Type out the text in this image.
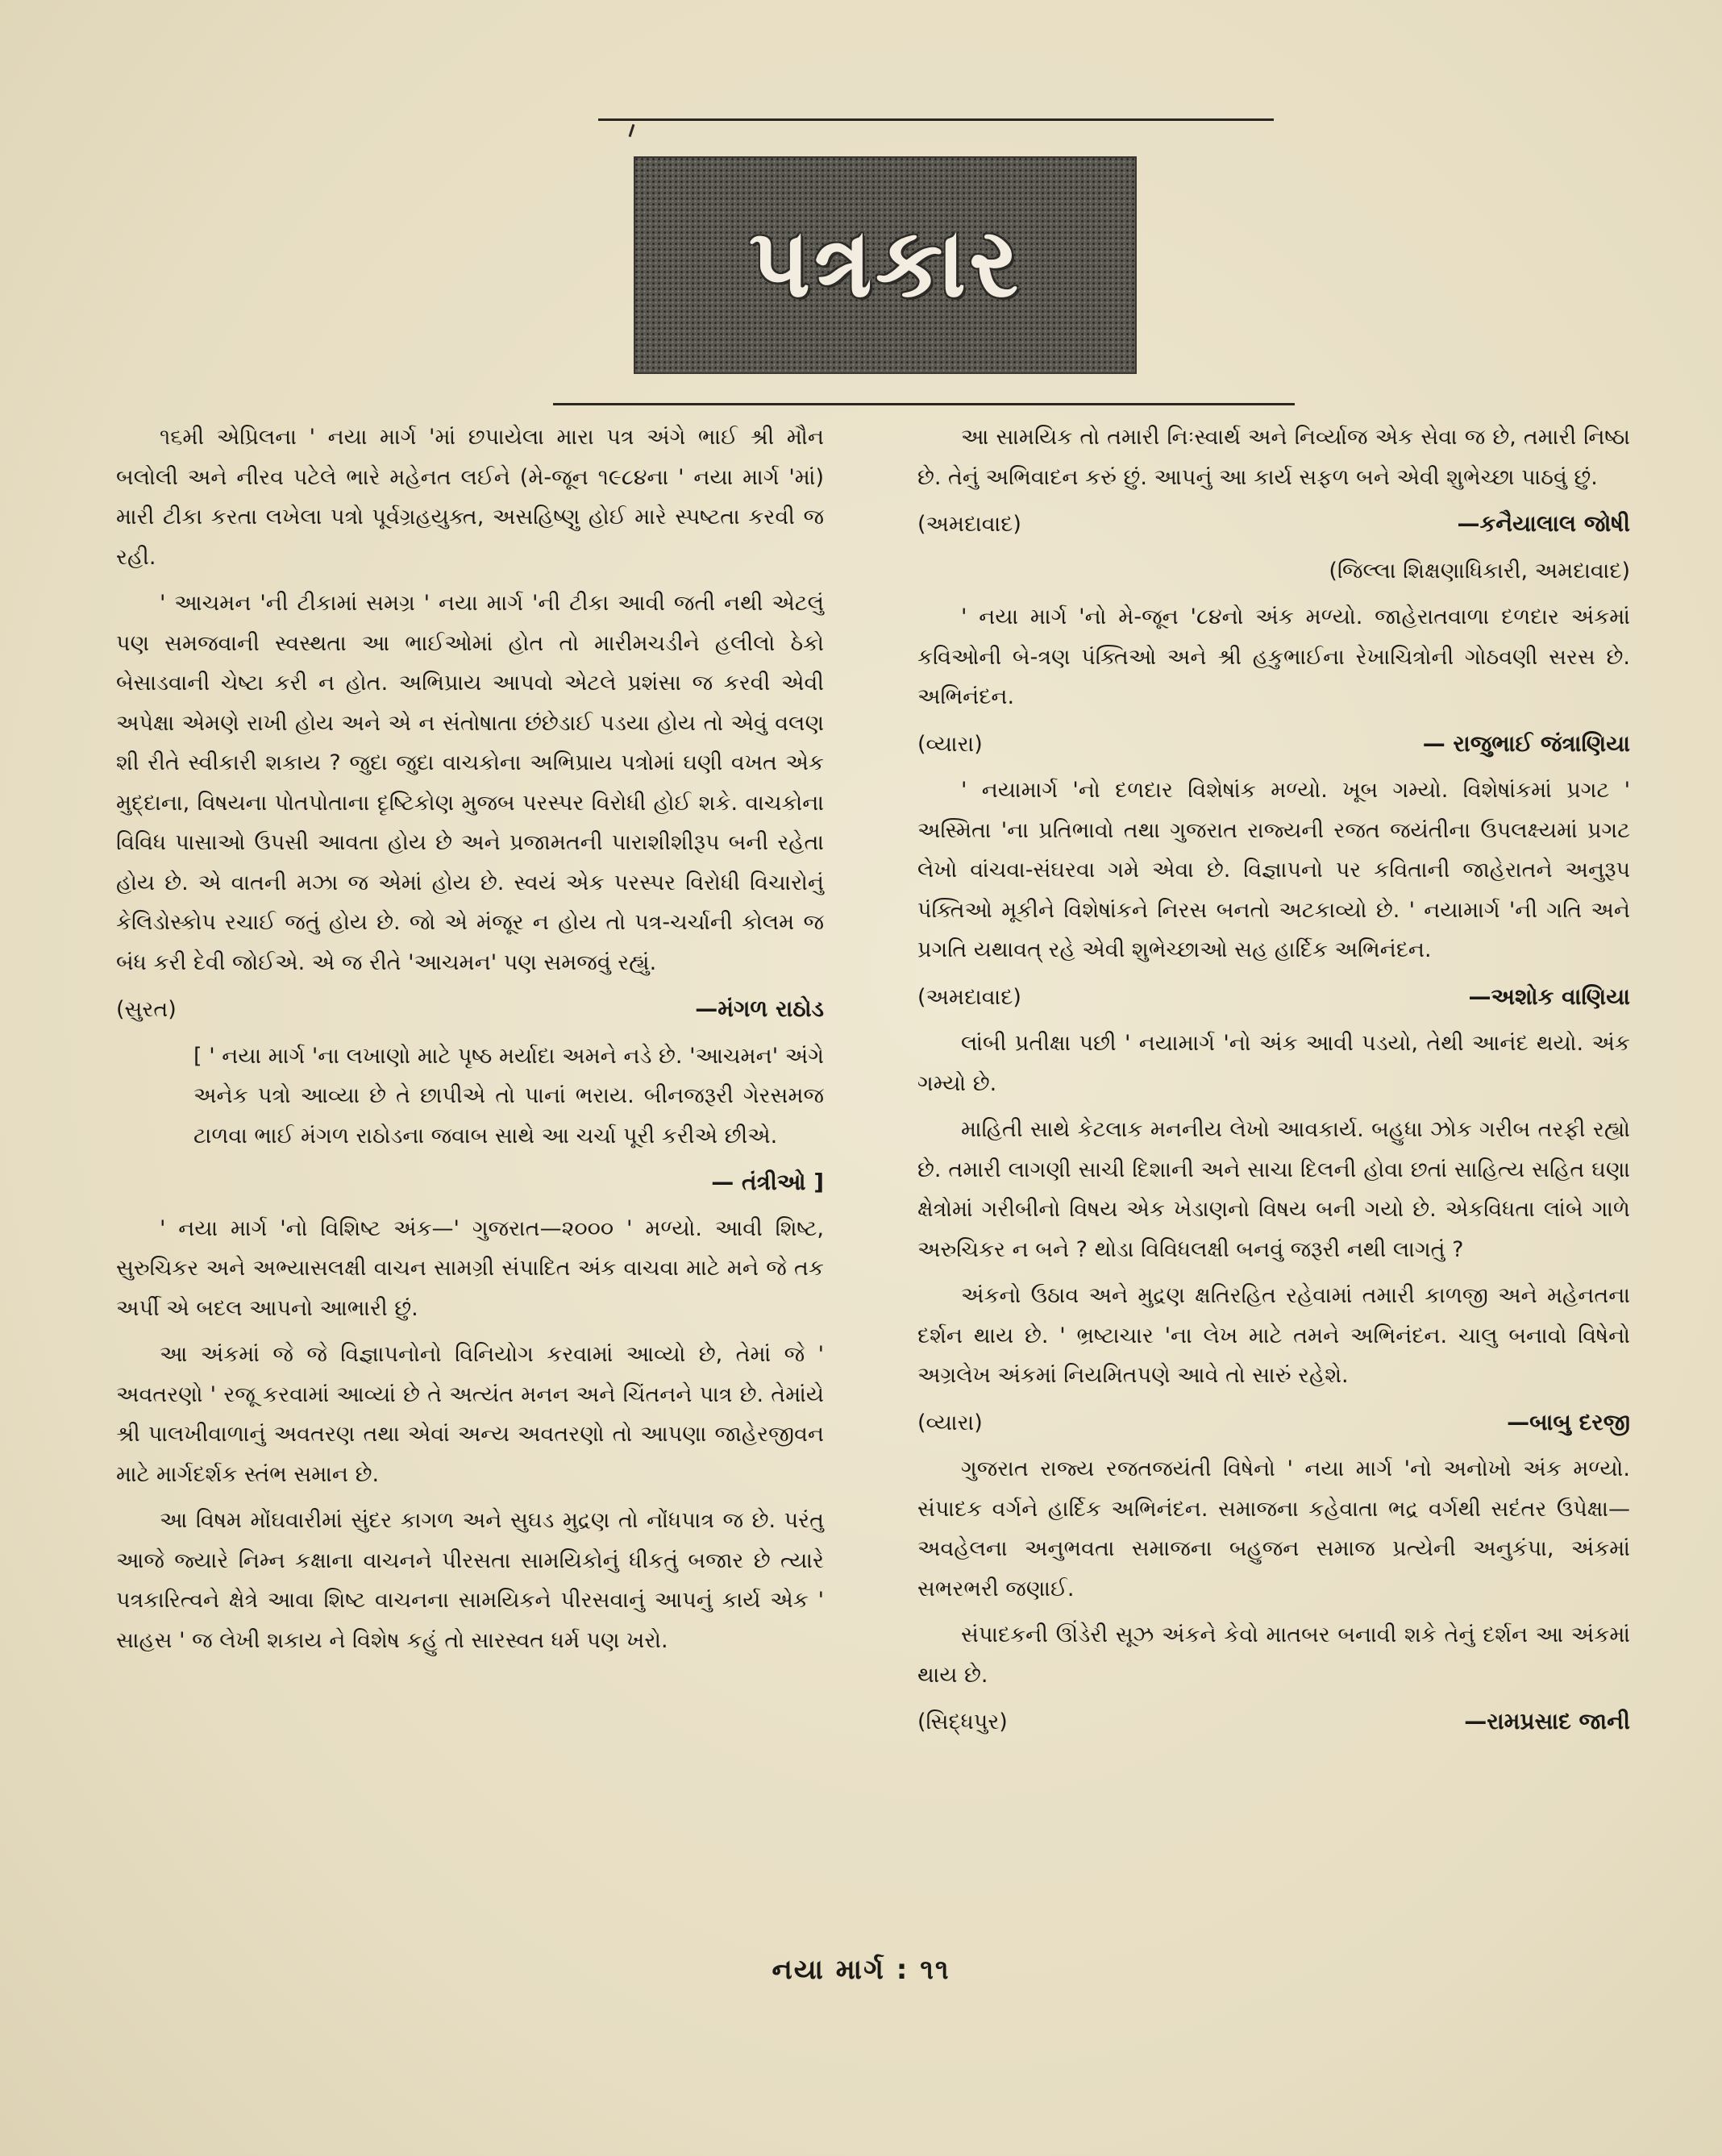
પત્રકાર

૧૬મી એપ્રિલના ' નયા માર્ગ 'માં છપાયેલા મારા પત્ર અંગે ભાઈ શ્રી મૌન બલોલી અને નીરવ પટેલે ભારે મહેનત લઈને (મે-જૂન ૧૯૮૪ના ' નયા માર્ગ 'માં) મારી ટીકા કરતા લખેલા પત્રો પૂર્વગ્રહયુક્ત, અસહિષ્ણુ હોઈ મારે સ્પષ્ટતા કરવી જ રહી.

' આચમન 'ની ટીકામાં સમગ્ર ' નયા માર્ગ 'ની ટીકા આવી જતી નથી એટલું પણ સમજવાની સ્વસ્થતા આ ભાઈઓમાં હોત તો મારીમચડીને હલીલો ઠેકો બેસાડવાની ચેષ્ટા કરી ન હોત. અભિપ્રાય આપવો એટલે પ્રશંસા જ કરવી એવી અપેક્ષા એમણે રાખી હોય અને એ ન સંતોષાતા છંછેડાઈ પડયા હોય તો એવું વલણ શી રીતે સ્વીકારી શકાય ? જુદા જુદા વાચકોના અભિપ્રાય પત્રોમાં ઘણી વખત એક મુદ્દાના, વિષયના પોતપોતાના દૃષ્ટિકોણ મુજબ પરસ્પર વિરોધી હોઈ શકે. વાચકોના વિવિધ પાસાઓ ઉપસી આવતા હોય છે અને પ્રજામતની પારાશીશીરૂપ બની રહેતા હોય છે. એ વાતની મઝા જ એમાં હોય છે. સ્વયં એક પરસ્પર વિરોધી વિચારોનું કેલિડોસ્કોપ રચાઈ જતું હોય છે. જો એ મંજૂર ન હોય તો પત્ર-ચર્ચાની કોલમ જ બંધ કરી દેવી જોઈએ. એ જ રીતે 'આચમન' પણ સમજવું રહ્યું.

(સુરત)	—મંગળ રાઠોડ

[ ' નયા માર્ગ 'ના લખાણો માટે પૃષ્ઠ મર્યાદા અમને નડે છે. 'આચમન' અંગે અનેક પત્રો આવ્યા છે તે છાપીએ તો પાનાં ભરાય. બીનજરૂરી ગેરસમજ ટાળવા ભાઈ મંગળ રાઠોડના જવાબ સાથે આ ચર્ચા પૂરી કરીએ છીએ.

— તંત્રીઓ ]

' નયા માર્ગ 'નો વિશિષ્ટ અંક—' ગુજરાત—૨૦૦૦ ' મળ્યો. આવી શિષ્ટ, સુરુચિકર અને અભ્યાસલક્ષી વાચન સામગ્રી સંપાદિત અંક વાચવા માટે મને જે તક અર્પી એ બદલ આપનો આભારી છું.

આ અંકમાં જે જે વિજ્ઞાપનોનો વિનિયોગ કરવામાં આવ્યો છે, તેમાં જે ' અવતરણો ' રજૂ કરવામાં આવ્યાં છે તે અત્યંત મનન અને ચિંતનને પાત્ર છે. તેમાંયે શ્રી પાલખીવાળાનું અવતરણ તથા એવાં અન્ય અવતરણો તો આપણા જાહેરજીવન માટે માર્ગદર્શક સ્તંભ સમાન છે.

આ વિષમ મોંઘવારીમાં સુંદર કાગળ અને સુઘડ મુદ્રણ તો નોંધપાત્ર જ છે. પરંતુ આજે જ્યારે નિમ્ન કક્ષાના વાચનને પીરસતા સામયિકોનું ધીકતું બજાર છે ત્યારે પત્રકારિત્વને ક્ષેત્રે આવા શિષ્ટ વાચનના સામયિકને પીરસવાનું આપનું કાર્ય એક ' સાહસ ' જ લેખી શકાય ને વિશેષ કહું તો સારસ્વત ધર્મ પણ ખરો.

આ સામયિક તો તમારી નિઃસ્વાર્થ અને નિર્વ્યાજ એક સેવા જ છે, તમારી નિષ્ઠા છે. તેનું અભિવાદન કરું છું. આપનું આ કાર્ય સફળ બને એવી શુભેચ્છા પાઠવું છું.

(અમદાવાદ)	—કનૈયાલાલ જોષી
(જિલ્લા શિક્ષણાધિકારી, અમદાવાદ)

' નયા માર્ગ 'નો મે-જૂન '૮૪નો અંક મળ્યો. જાહેરાતવાળા દળદાર અંકમાં કવિઓની બે-ત્રણ પંક્તિઓ અને શ્રી હકુભાઈના રેખાચિત્રોની ગોઠવણી સરસ છે. અભિનંદન.

(વ્યારા)	— રાજુભાઈ જંત્રાણિયા

' નયામાર્ગ 'નો દળદાર વિશેષાંક મળ્યો. ખૂબ ગમ્યો. વિશેષાંકમાં પ્રગટ ' અસ્મિતા 'ના પ્રતિભાવો તથા ગુજરાત રાજ્યની રજત જયંતીના ઉપલક્ષ્યમાં પ્રગટ લેખો વાંચવા-સંઘરવા ગમે એવા છે. વિજ્ઞાપનો પર કવિતાની જાહેરાતને અનુરૂપ પંક્તિઓ મૂકીને વિશેષાંકને નિરસ બનતો અટકાવ્યો છે. ' નયામાર્ગ 'ની ગતિ અને પ્રગતિ યથાવત્ રહે એવી શુભેચ્છાઓ સહ હાર્દિક અભિનંદન.

(અમદાવાદ)	—અશોક વાણિયા

લાંબી પ્રતીક્ષા પછી ' નયામાર્ગ 'નો અંક આવી પડયો, તેથી આનંદ થયો. અંક ગમ્યો છે.

માહિતી સાથે કેટલાક મનનીય લેખો આવકાર્ય. બહુધા ઝોક ગરીબ તરફી રહ્યો છે. તમારી લાગણી સાચી દિશાની અને સાચા દિલની હોવા છતાં સાહિત્ય સહિત ઘણા ક્ષેત્રોમાં ગરીબીનો વિષય એક ખેડાણનો વિષય બની ગયો છે. એકવિધતા લાંબે ગાળે અરુચિકર ન બને ? થોડા વિવિધલક્ષી બનવું જરૂરી નથી લાગતું ?

અંકનો ઉઠાવ અને મુદ્રણ ક્ષતિરહિત રહેવામાં તમારી કાળજી અને મહેનતના દર્શન થાય છે. ' ભ્રષ્ટાચાર 'ના લેખ માટે તમને અભિનંદન. ચાલુ બનાવો વિષેનો અગ્રલેખ અંકમાં નિયમિતપણે આવે તો સારું રહેશે.

(વ્યારા)	—બાબુ દરજી

ગુજરાત રાજ્ય રજતજયંતી વિષેનો ' નયા માર્ગ 'નો અનોખો અંક મળ્યો. સંપાદક વર્ગને હાર્દિક અભિનંદન. સમાજના કહેવાતા ભદ્ર વર્ગથી સદંતર ઉપેક્ષા—અવહેલના અનુભવતા સમાજના બહુજન સમાજ પ્રત્યેની અનુકંપા, અંકમાં સભરભરી જણાઈ.

સંપાદકની ઊંડેરી સૂઝ અંકને કેવો માતબર બનાવી શકે તેનું દર્શન આ અંકમાં થાય છે.

(સિદ્ધપુર)	—રામપ્રસાદ જાની
નયા માર્ગ : ૧૧
